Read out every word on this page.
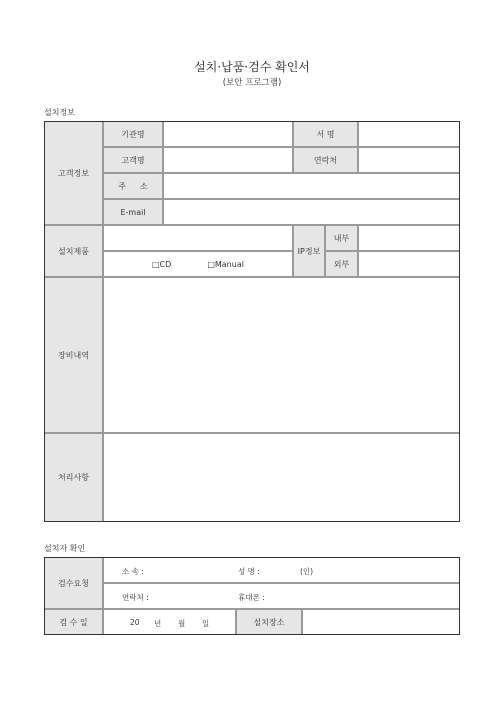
설치·납품·검수 확인서
(보안 프로그램)
설치정보
고객정보
기관명	서 명
고객명	연락처
주 소
E-mail
설치제품
□CD	□Manual
IP정보
내부
외부
장비내역
처리사항
설치자 확인
검수요청
소 속 :	성 명 :	(인)
연락처 :	휴대폰 :
검 수 일	20 년 월 일	설치장소
